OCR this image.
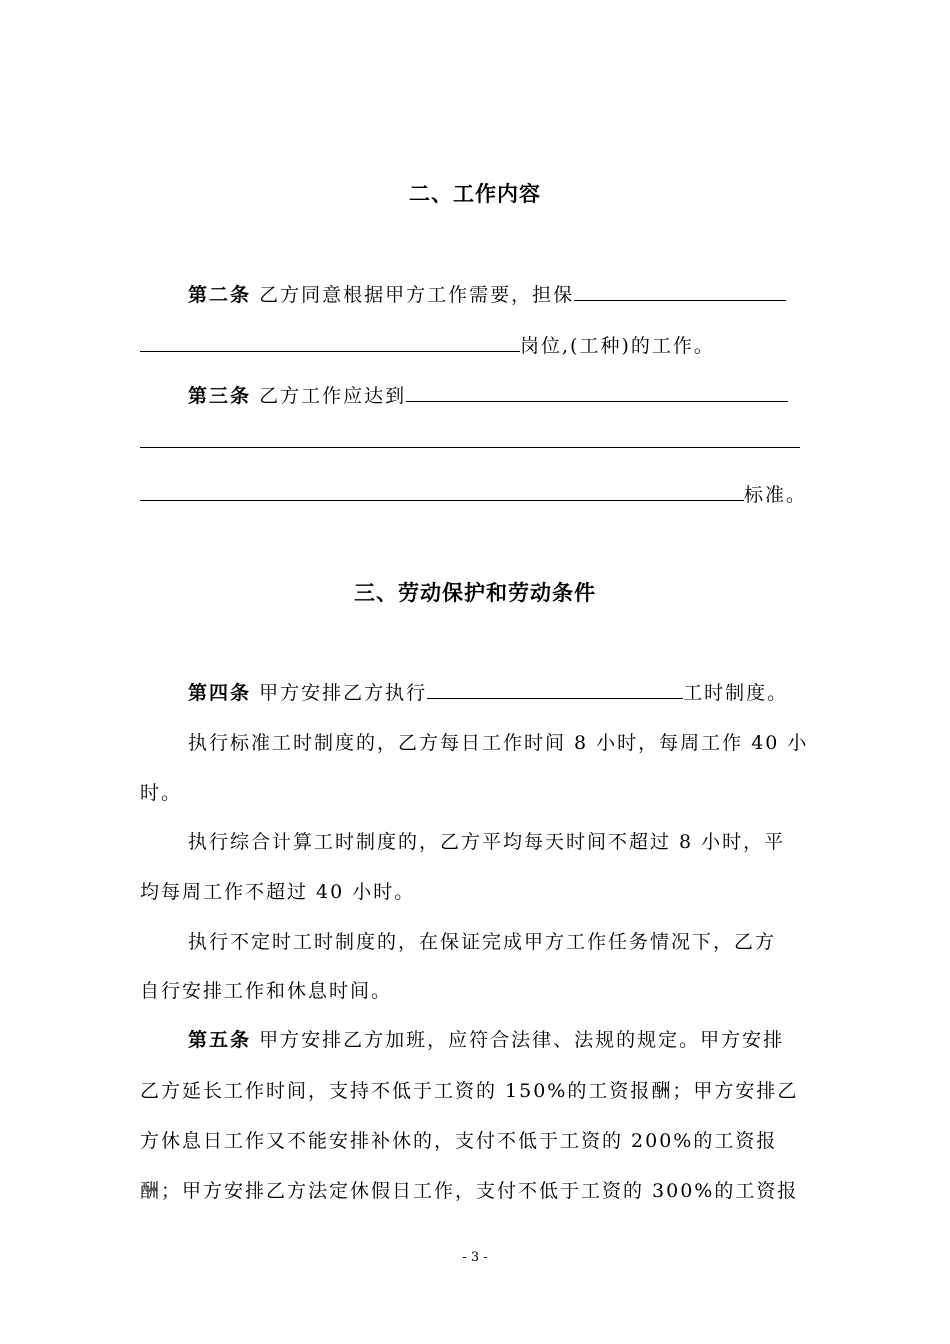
二、工作内容
第二条 乙方同意根据甲方工作需要，担保
岗位,(工种)的工作。
第三条 乙方工作应达到
标准。
三、劳动保护和劳动条件
第四条 甲方安排乙方执行	工时制度。
执行标准工时制度的，乙方每日工作时间 8 小时，每周工作 40 小
时。
执行综合计算工时制度的，乙方平均每天时间不超过 8 小时，平
均每周工作不超过 40 小时。
执行不定时工时制度的，在保证完成甲方工作任务情况下，乙方
自行安排工作和休息时间。
第五条 甲方安排乙方加班，应符合法律、法规的规定。甲方安排
乙方延长工作时间，支持不低于工资的 150%的工资报酬；甲方安排乙
方休息日工作又不能安排补休的，支付不低于工资的 200%的工资报
酬；甲方安排乙方法定休假日工作，支付不低于工资的 300%的工资报
- 3 -
